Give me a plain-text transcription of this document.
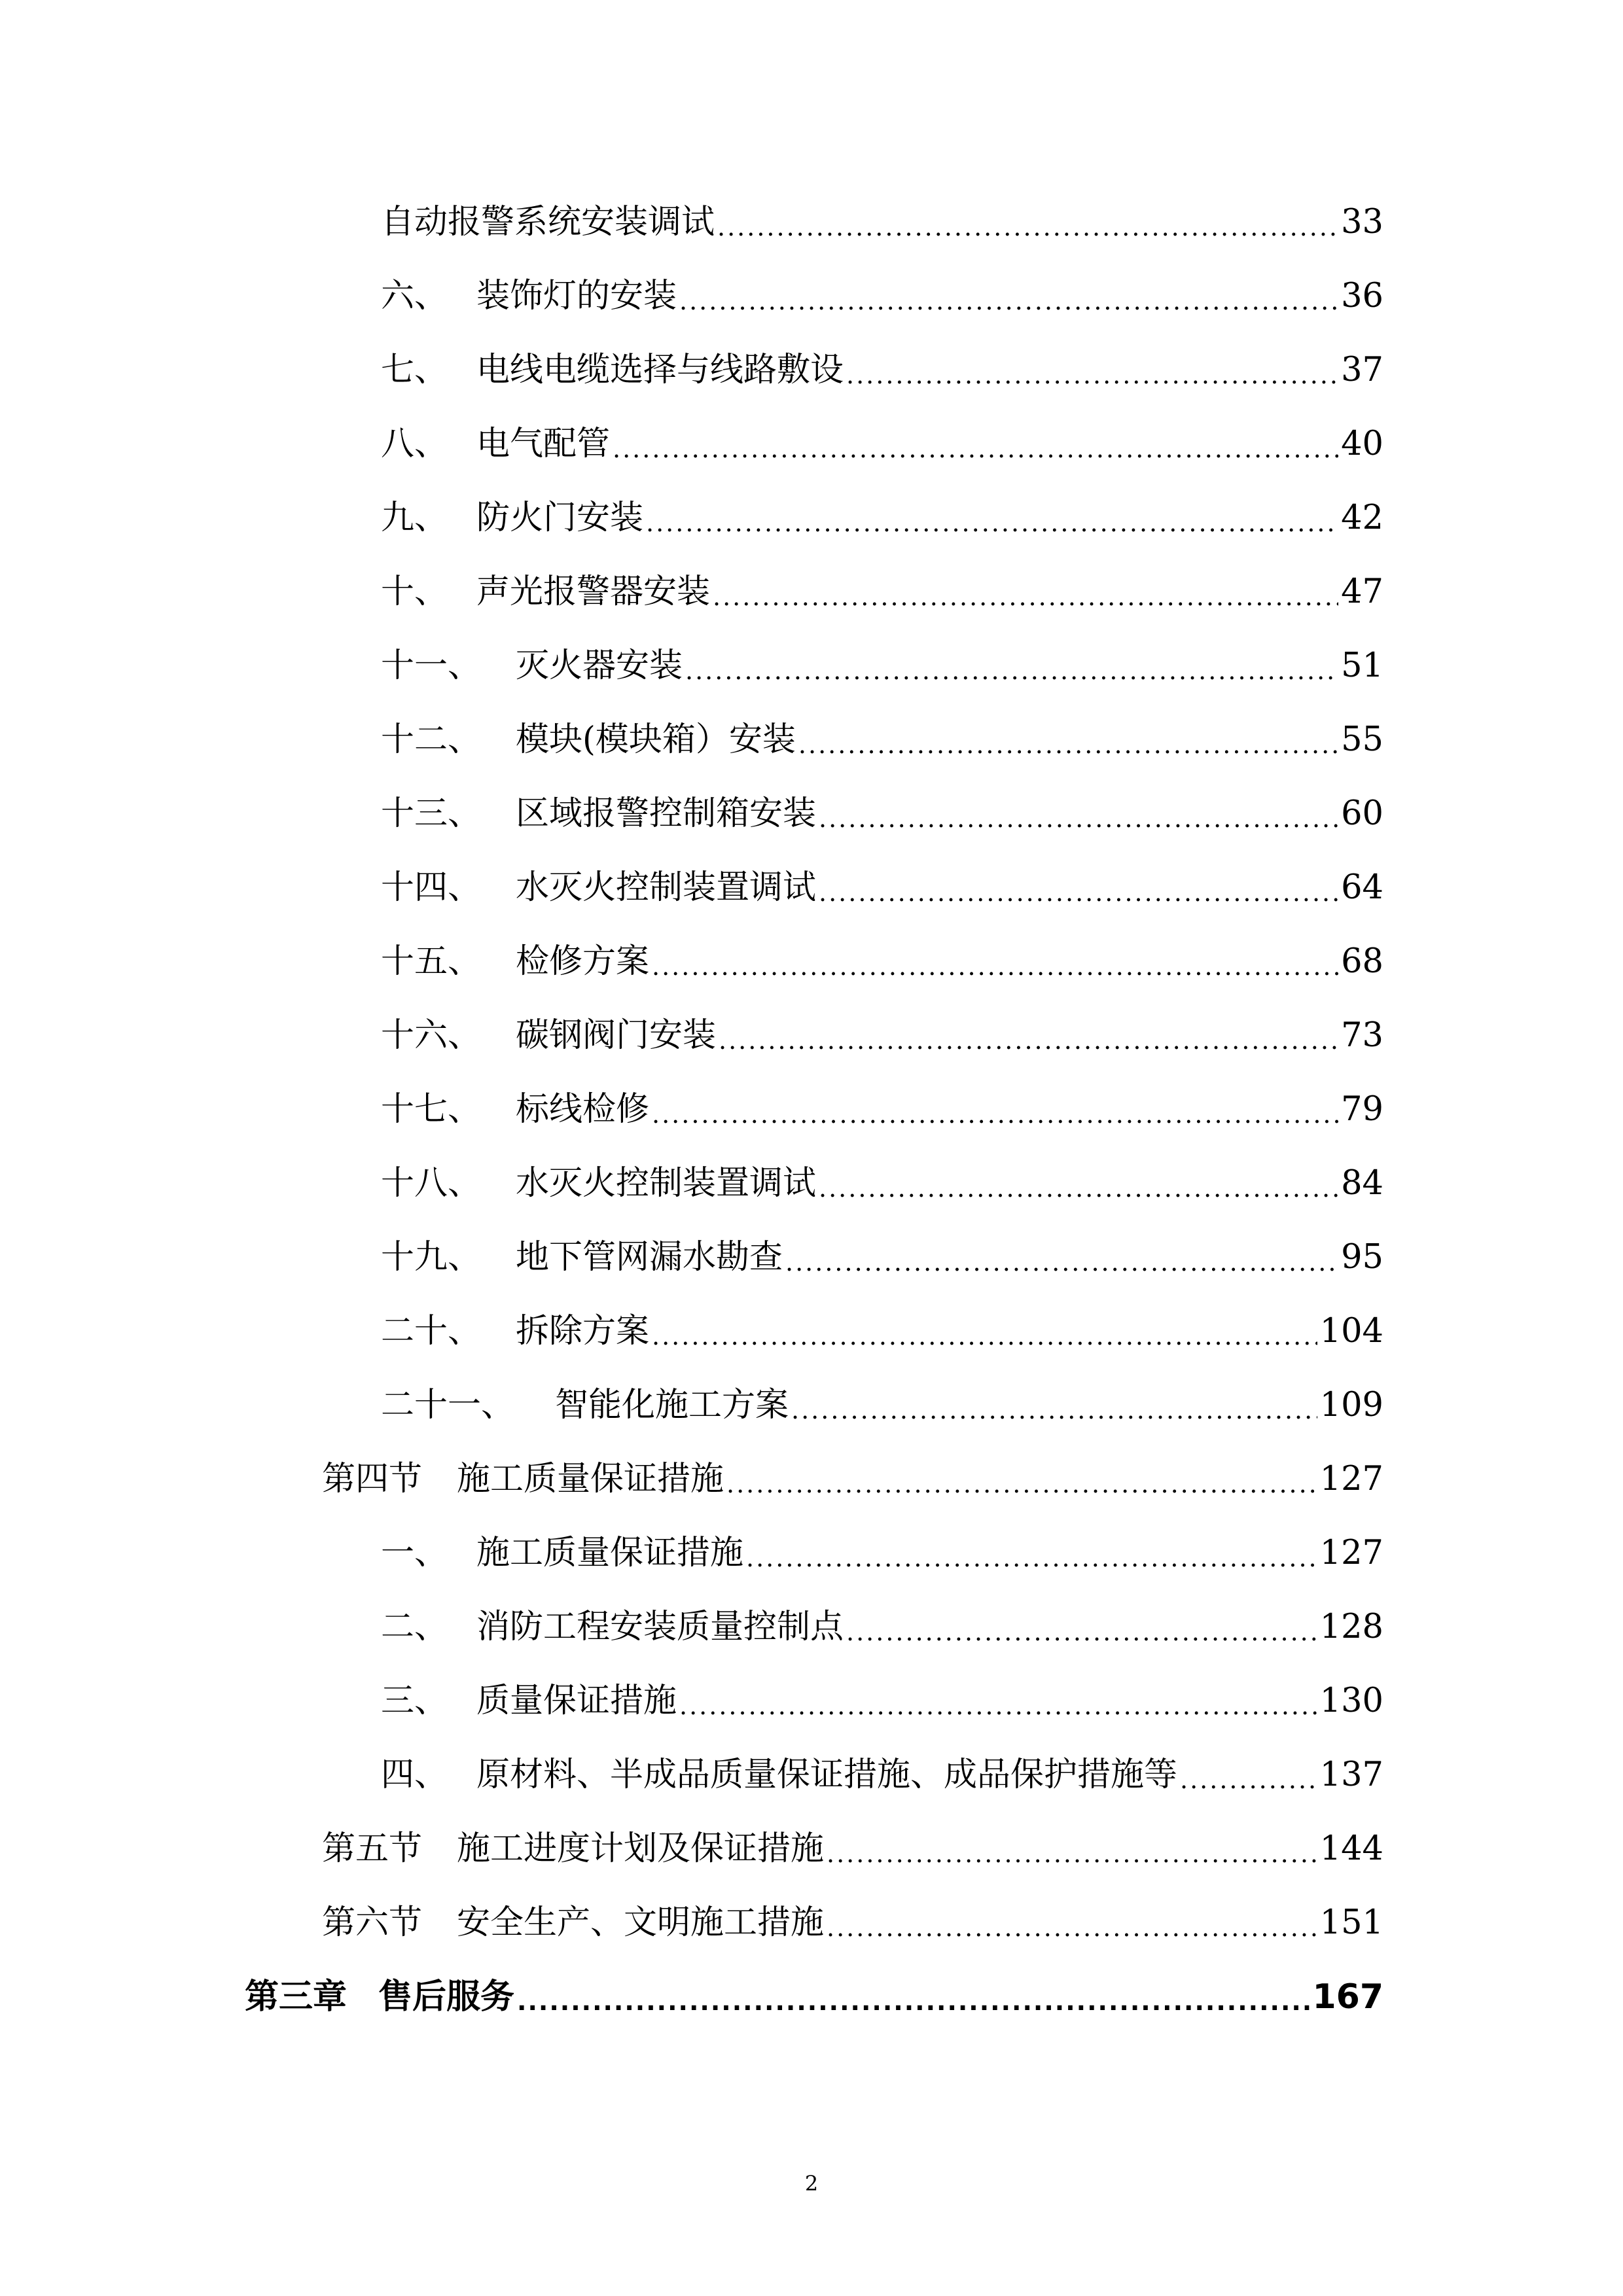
自动报警系统安装调试 .....	33
六、 装饰灯的安装 .....	36
七、 电线电缆选择与线路敷设 .....	37
八、 电气配管 .....	40
九、 防火门安装 .....	42
十、 声光报警器安装 .....	47
十一、	灭火器安装 .....	51
十二、	模块(模块箱）安装 .....	55
十三、	区域报警控制箱安装 .....	60
十四、	水灭火控制装置调试 .....	64
十五、	检修方案 .....	68
十六、	碳钢阀门安装 .....	73
十七、	标线检修 .....	79
十八、	水灭火控制装置调试 .....	84
十九、	地下管网漏水勘查 .....	95
二十、	拆除方案 .....	104
二十一、	智能化施工方案 .....	109
第四节	施工质量保证措施 .....	127
一、 施工质量保证措施 .....	127
二、 消防工程安装质量控制点 .....	128
三、 质量保证措施 .....	130
四、 原材料、半成品质量保证措施、成品保护措施等 .....	137
第五节	施工进度计划及保证措施 .....	144
第六节	安全生产、文明施工措施 .....	151
第三章 售后服务 .....	167
2
